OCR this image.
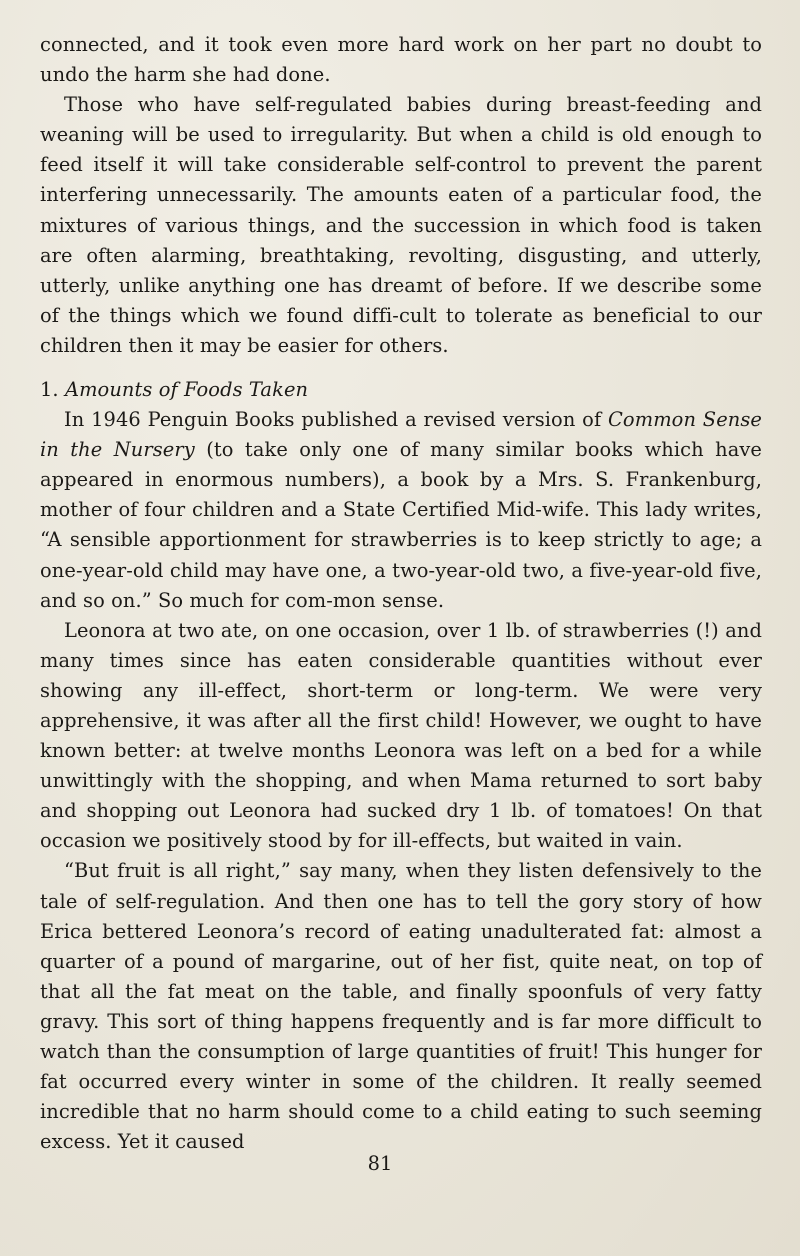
connected, and it took even more hard work on her part no doubt to undo the harm she had done.

Those who have self-regulated babies during breast-feeding and weaning will be used to irregularity. But when a child is old enough to feed itself it will take considerable self-control to prevent the parent interfering unnecessarily. The amounts eaten of a particular food, the mixtures of various things, and the succession in which food is taken are often alarming, breathtaking, revolting, disgusting, and utterly, utterly, unlike anything one has dreamt of before. If we describe some of the things which we found diffi-cult to tolerate as beneficial to our children then it may be easier for others.

1. Amounts of Foods Taken

In 1946 Penguin Books published a revised version of Common Sense in the Nursery (to take only one of many similar books which have appeared in enormous numbers), a book by a Mrs. S. Frankenburg, mother of four children and a State Certified Mid-wife. This lady writes, “A sensible apportionment for strawberries is to keep strictly to age; a one-year-old child may have one, a two-year-old two, a five-year-old five, and so on.” So much for com-mon sense.

Leonora at two ate, on one occasion, over 1 lb. of strawberries (!) and many times since has eaten considerable quantities without ever showing any ill-effect, short-term or long-term. We were very apprehensive, it was after all the first child! However, we ought to have known better: at twelve months Leonora was left on a bed for a while unwittingly with the shopping, and when Mama returned to sort baby and shopping out Leonora had sucked dry 1 lb. of tomatoes! On that occasion we positively stood by for ill-effects, but waited in vain.

“But fruit is all right,” say many, when they listen defensively to the tale of self-regulation. And then one has to tell the gory story of how Erica bettered Leonora’s record of eating unadulterated fat: almost a quarter of a pound of margarine, out of her fist, quite neat, on top of that all the fat meat on the table, and finally spoonfuls of very fatty gravy. This sort of thing happens frequently and is far more difficult to watch than the consumption of large quantities of fruit! This hunger for fat occurred every winter in some of the children. It really seemed incredible that no harm should come to a child eating to such seeming excess. Yet it caused

81
